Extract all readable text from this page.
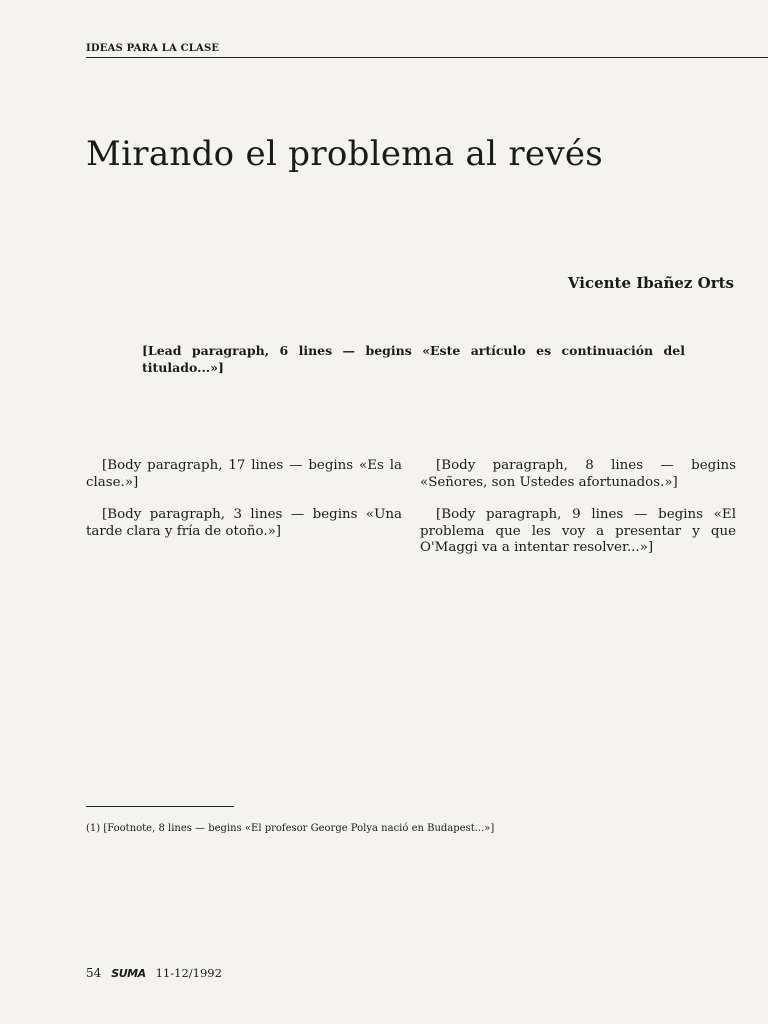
IDEAS PARA LA CLASE
Mirando el problema al revés
Vicente Ibañez Orts
[Lead paragraph, 6 lines — begins «Este artículo es continuación del titulado...»]

[Body paragraph, 17 lines — begins «Es la clase.»]

[Body paragraph, 3 lines — begins «Una tarde clara y fría de otoño.»]

[Body paragraph, 8 lines — begins «Señores, son Ustedes afortunados.»]

[Body paragraph, 9 lines — begins «El problema que les voy a presentar y que O'Maggi va a intentar resolver...»]

(1) [Footnote, 8 lines — begins «El profesor George Polya nació en Budapest...»]
54 SUMA 11-12/1992
